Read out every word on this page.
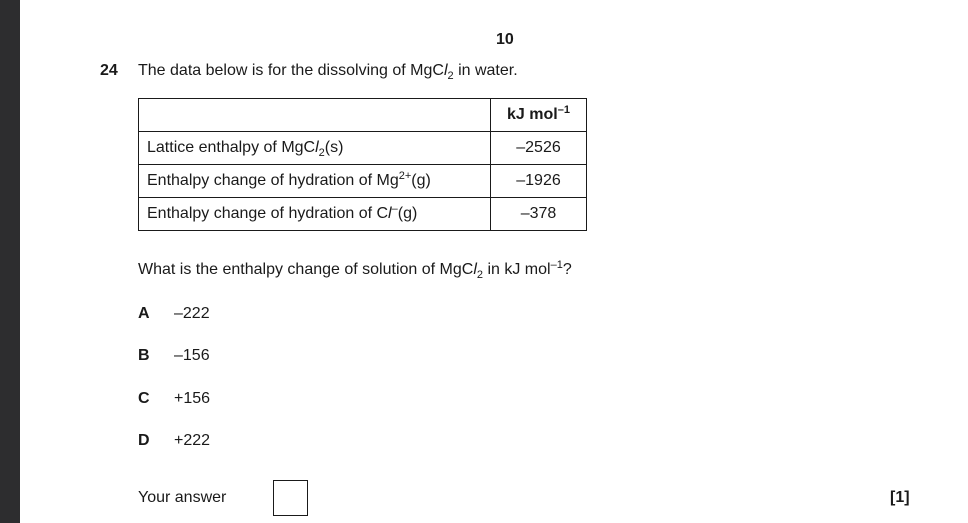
10
24 The data below is for the dissolving of MgCl$_2$ in water.
	kJ mol$^{-1}$
Lattice enthalpy of MgCl$_2$(s)	–2526
Enthalpy change of hydration of $Mg^{2+}(g)$	–1926
Enthalpy change of hydration of Cl–(g)	–378
What is the enthalpy change of solution of MgCl$_2$ in kJ mol$^{-1}$?
A –222
B –156
C +156
D +222
Your answer	[1]
